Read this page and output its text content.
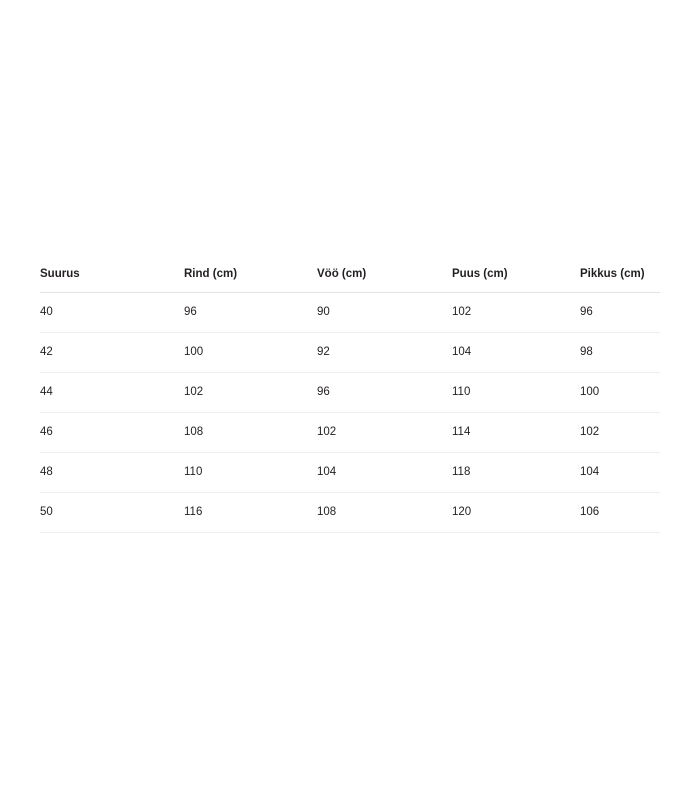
Suurus	Rind (cm)	Vöö (cm)	Puus (cm)	Pikkus (cm)
40	96	90	102	96
42	100	92	104	98
44	102	96	110	100
46	108	102	114	102
48	110	104	118	104
50	116	108	120	106
